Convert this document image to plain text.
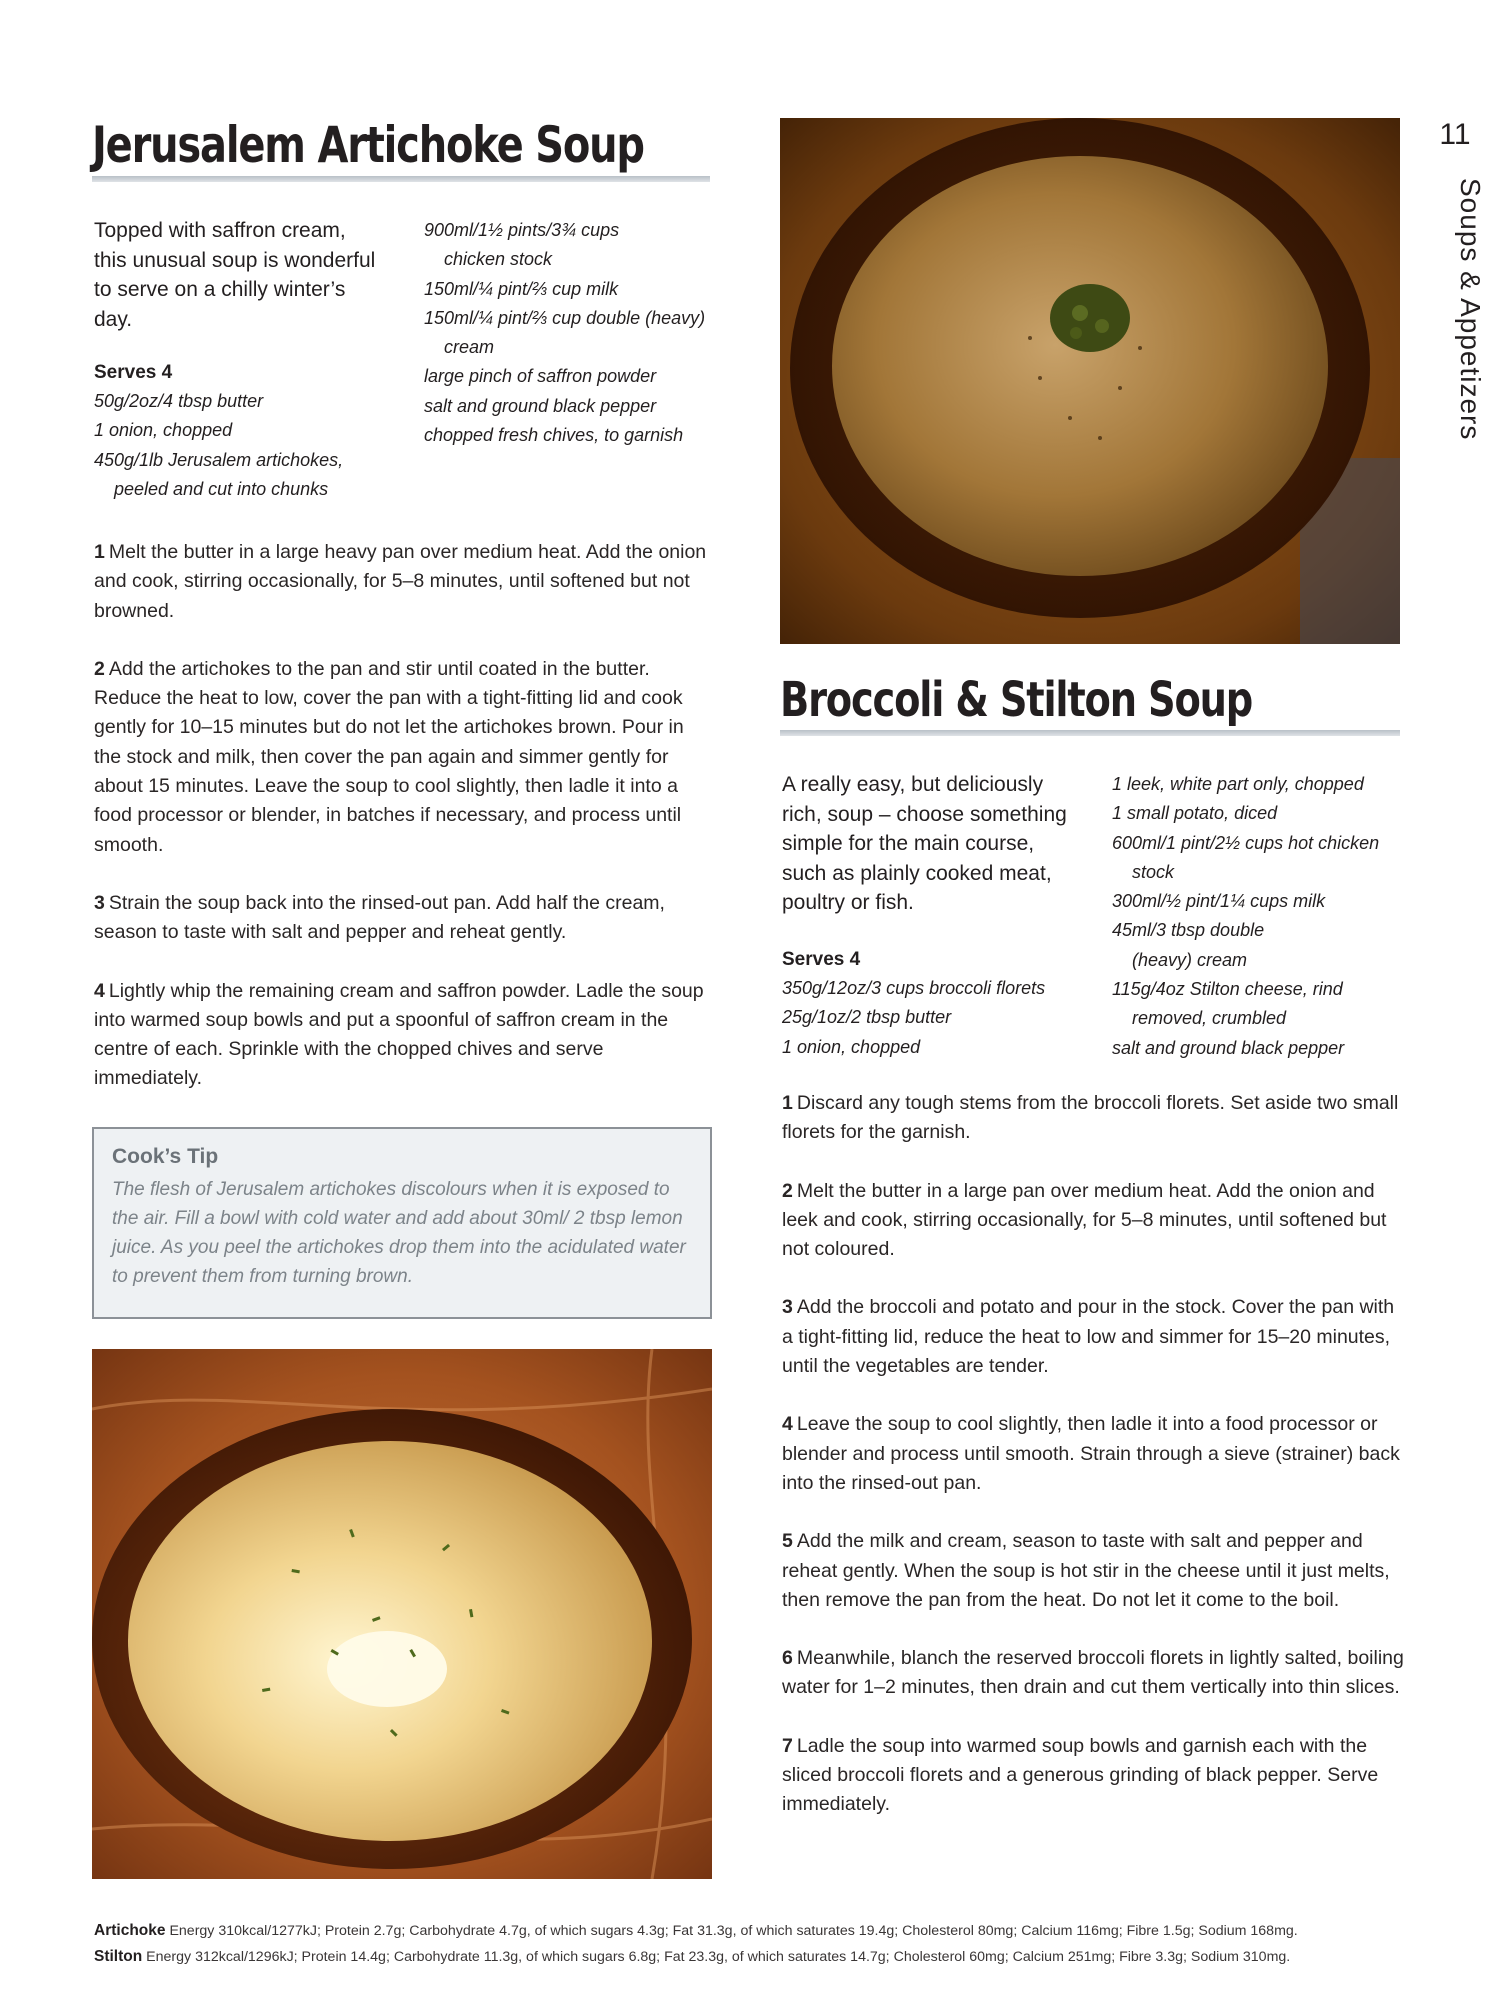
Jerusalem Artichoke Soup

Topped with saffron cream, this unusual soup is wonderful to serve on a chilly winter’s day.

Serves 4
50g/2oz/4 tbsp butter
1 onion, chopped
450g/1lb Jerusalem artichokes, peeled and cut into chunks
900ml/1½ pints/3¾ cups chicken stock
150ml/¼ pint/⅔ cup milk
150ml/¼ pint/⅔ cup double (heavy) cream
large pinch of saffron powder
salt and ground black pepper
chopped fresh chives, to garnish
1 Melt the butter in a large heavy pan over medium heat. Add the onion and cook, stirring occasionally, for 5–8 minutes, until softened but not browned.
2 Add the artichokes to the pan and stir until coated in the butter. Reduce the heat to low, cover the pan with a tight-fitting lid and cook gently for 10–15 minutes but do not let the artichokes brown. Pour in the stock and milk, then cover the pan again and simmer gently for about 15 minutes. Leave the soup to cool slightly, then ladle it into a food processor or blender, in batches if necessary, and process until smooth.
3 Strain the soup back into the rinsed-out pan. Add half the cream, season to taste with salt and pepper and reheat gently.
4 Lightly whip the remaining cream and saffron powder. Ladle the soup into warmed soup bowls and put a spoonful of saffron cream in the centre of each. Sprinkle with the chopped chives and serve immediately.

Cook’s Tip

The flesh of Jerusalem artichokes discolours when it is exposed to the air. Fill a bowl with cold water and add about 30ml/ 2 tbsp lemon juice. As you peel the artichokes drop them into the acidulated water to prevent them from turning brown.

Broccoli & Stilton Soup

A really easy, but deliciously rich, soup – choose something simple for the main course, such as plainly cooked meat, poultry or fish.

Serves 4
350g/12oz/3 cups broccoli florets
25g/1oz/2 tbsp butter
1 onion, chopped
1 leek, white part only, chopped
1 small potato, diced
600ml/1 pint/2½ cups hot chicken stock
300ml/½ pint/1¼ cups milk
45ml/3 tbsp double (heavy) cream
115g/4oz Stilton cheese, rind removed, crumbled
salt and ground black pepper
1 Discard any tough stems from the broccoli florets. Set aside two small florets for the garnish.
2 Melt the butter in a large pan over medium heat. Add the onion and leek and cook, stirring occasionally, for 5–8 minutes, until softened but not coloured.
3 Add the broccoli and potato and pour in the stock. Cover the pan with a tight-fitting lid, reduce the heat to low and simmer for 15–20 minutes, until the vegetables are tender.
4 Leave the soup to cool slightly, then ladle it into a food processor or blender and process until smooth. Strain through a sieve (strainer) back into the rinsed-out pan.
5 Add the milk and cream, season to taste with salt and pepper and reheat gently. When the soup is hot stir in the cheese until it just melts, then remove the pan from the heat. Do not let it come to the boil.
6 Meanwhile, blanch the reserved broccoli florets in lightly salted, boiling water for 1–2 minutes, then drain and cut them vertically into thin slices.
7 Ladle the soup into warmed soup bowls and garnish each with the sliced broccoli florets and a generous grinding of black pepper. Serve immediately.
11
Soups & Appetizers
Artichoke Energy 310kcal/1277kJ; Protein 2.7g; Carbohydrate 4.7g, of which sugars 4.3g; Fat 31.3g, of which saturates 19.4g; Cholesterol 80mg; Calcium 116mg; Fibre 1.5g; Sodium 168mg.
Stilton Energy 312kcal/1296kJ; Protein 14.4g; Carbohydrate 11.3g, of which sugars 6.8g; Fat 23.3g, of which saturates 14.7g; Cholesterol 60mg; Calcium 251mg; Fibre 3.3g; Sodium 310mg.
